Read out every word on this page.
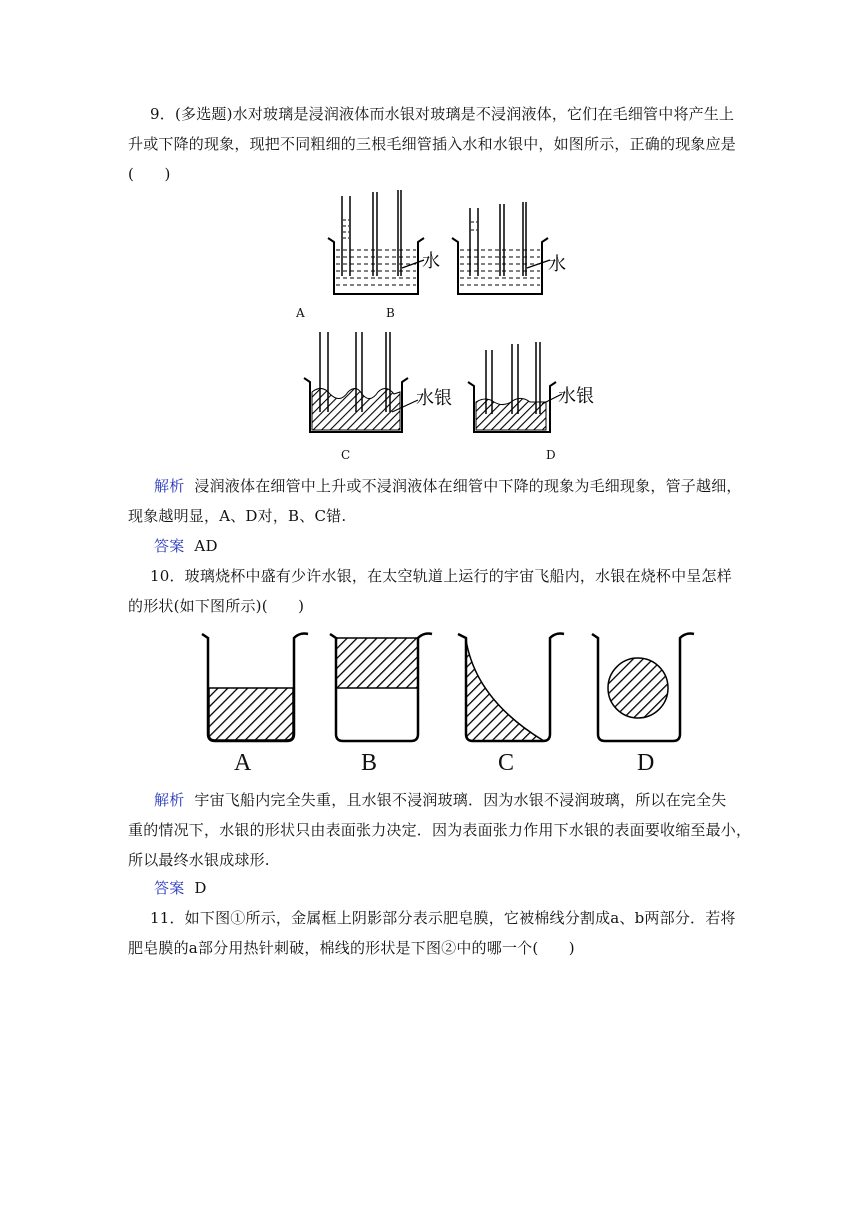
9．(多选题)水对玻璃是浸润液体而水银对玻璃是不浸润液体，它们在毛细管中将产生上
升或下降的现象，现把不同粗细的三根毛细管插入水和水银中，如图所示，正确的现象应是
(　　)
水	水
A	B
水银	水银
C	D
解析 浸润液体在细管中上升或不浸润液体在细管中下降的现象为毛细现象，管子越细，
现象越明显，A、D对，B、C错.
答案 AD
10．玻璃烧杯中盛有少许水银，在太空轨道上运行的宇宙飞船内，水银在烧杯中呈怎样
的形状(如下图所示)(　　)
A	B	C	D
解析 宇宙飞船内完全失重，且水银不浸润玻璃．因为水银不浸润玻璃，所以在完全失
重的情况下，水银的形状只由表面张力决定．因为表面张力作用下水银的表面要收缩至最小，
所以最终水银成球形.
答案 D
11．如下图①所示，金属框上阴影部分表示肥皂膜，它被棉线分割成a、b两部分．若将
肥皂膜的a部分用热针刺破，棉线的形状是下图②中的哪一个(　　)
